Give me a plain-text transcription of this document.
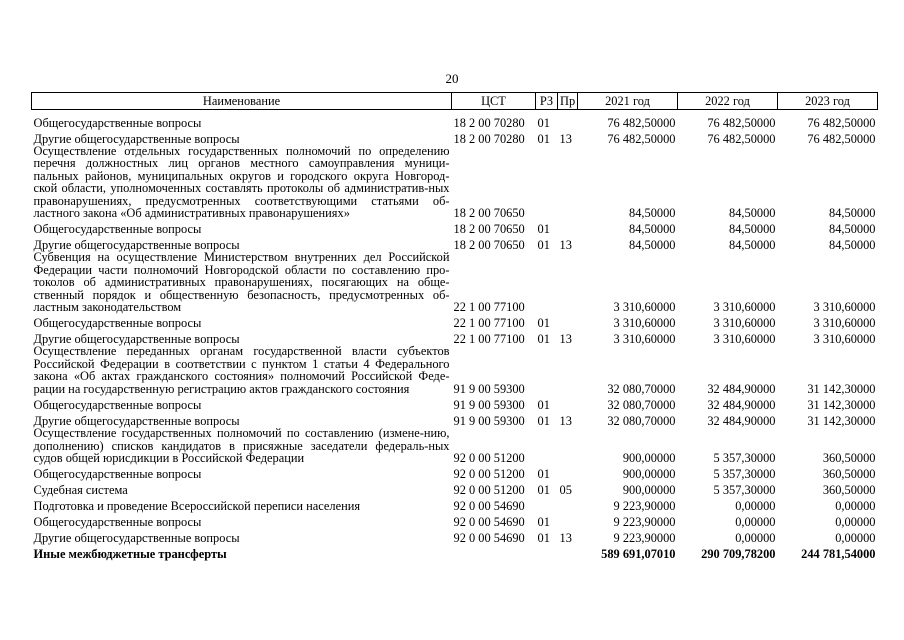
20
Наименование	ЦСТ	РЗ	Пр	2021 год	2022 год	2023 год
Общегосударственные вопросы	18 2 00 70280	01		76 482,50000	76 482,50000	76 482,50000
Другие общегосударственные вопросы	18 2 00 70280	01	13	76 482,50000	76 482,50000	76 482,50000
Осуществление отдельных государственных полномочий по определению перечня должностных лиц органов местного самоуправления муници-пальных районов, муниципальных округов и городского округа Новгород-ской области, уполномоченных составлять протоколы об административ-ных правонарушениях, предусмотренных соответствующими статьями об-ластного закона «Об административных правонарушениях»	18 2 00 70650			84,50000	84,50000	84,50000
Общегосударственные вопросы	18 2 00 70650	01		84,50000	84,50000	84,50000
Другие общегосударственные вопросы	18 2 00 70650	01	13	84,50000	84,50000	84,50000
Субвенция на осуществление Министерством внутренних дел Российской Федерации части полномочий Новгородской области по составлению про-токолов об административных правонарушениях, посягающих на обще-ственный порядок и общественную безопасность, предусмотренных об-ластным законодательством	22 1 00 77100			3 310,60000	3 310,60000	3 310,60000
Общегосударственные вопросы	22 1 00 77100	01		3 310,60000	3 310,60000	3 310,60000
Другие общегосударственные вопросы	22 1 00 77100	01	13	3 310,60000	3 310,60000	3 310,60000
Осуществление переданных органам государственной власти субъектов Российской Федерации в соответствии с пунктом 1 статьи 4 Федерального закона «Об актах гражданского состояния» полномочий Российской Феде-рации на государственную регистрацию актов гражданского состояния	91 9 00 59300			32 080,70000	32 484,90000	31 142,30000
Общегосударственные вопросы	91 9 00 59300	01		32 080,70000	32 484,90000	31 142,30000
Другие общегосударственные вопросы	91 9 00 59300	01	13	32 080,70000	32 484,90000	31 142,30000
Осуществление государственных полномочий по составлению (измене-нию, дополнению) списков кандидатов в присяжные заседатели федераль-ных судов общей юрисдикции в Российской Федерации	92 0 00 51200			900,00000	5 357,30000	360,50000
Общегосударственные вопросы	92 0 00 51200	01		900,00000	5 357,30000	360,50000
Судебная система	92 0 00 51200	01	05	900,00000	5 357,30000	360,50000
Подготовка и проведение Всероссийской переписи населения	92 0 00 54690			9 223,90000	0,00000	0,00000
Общегосударственные вопросы	92 0 00 54690	01		9 223,90000	0,00000	0,00000
Другие общегосударственные вопросы	92 0 00 54690	01	13	9 223,90000	0,00000	0,00000
Иные межбюджетные трансферты				589 691,07010	290 709,78200	244 781,54000
